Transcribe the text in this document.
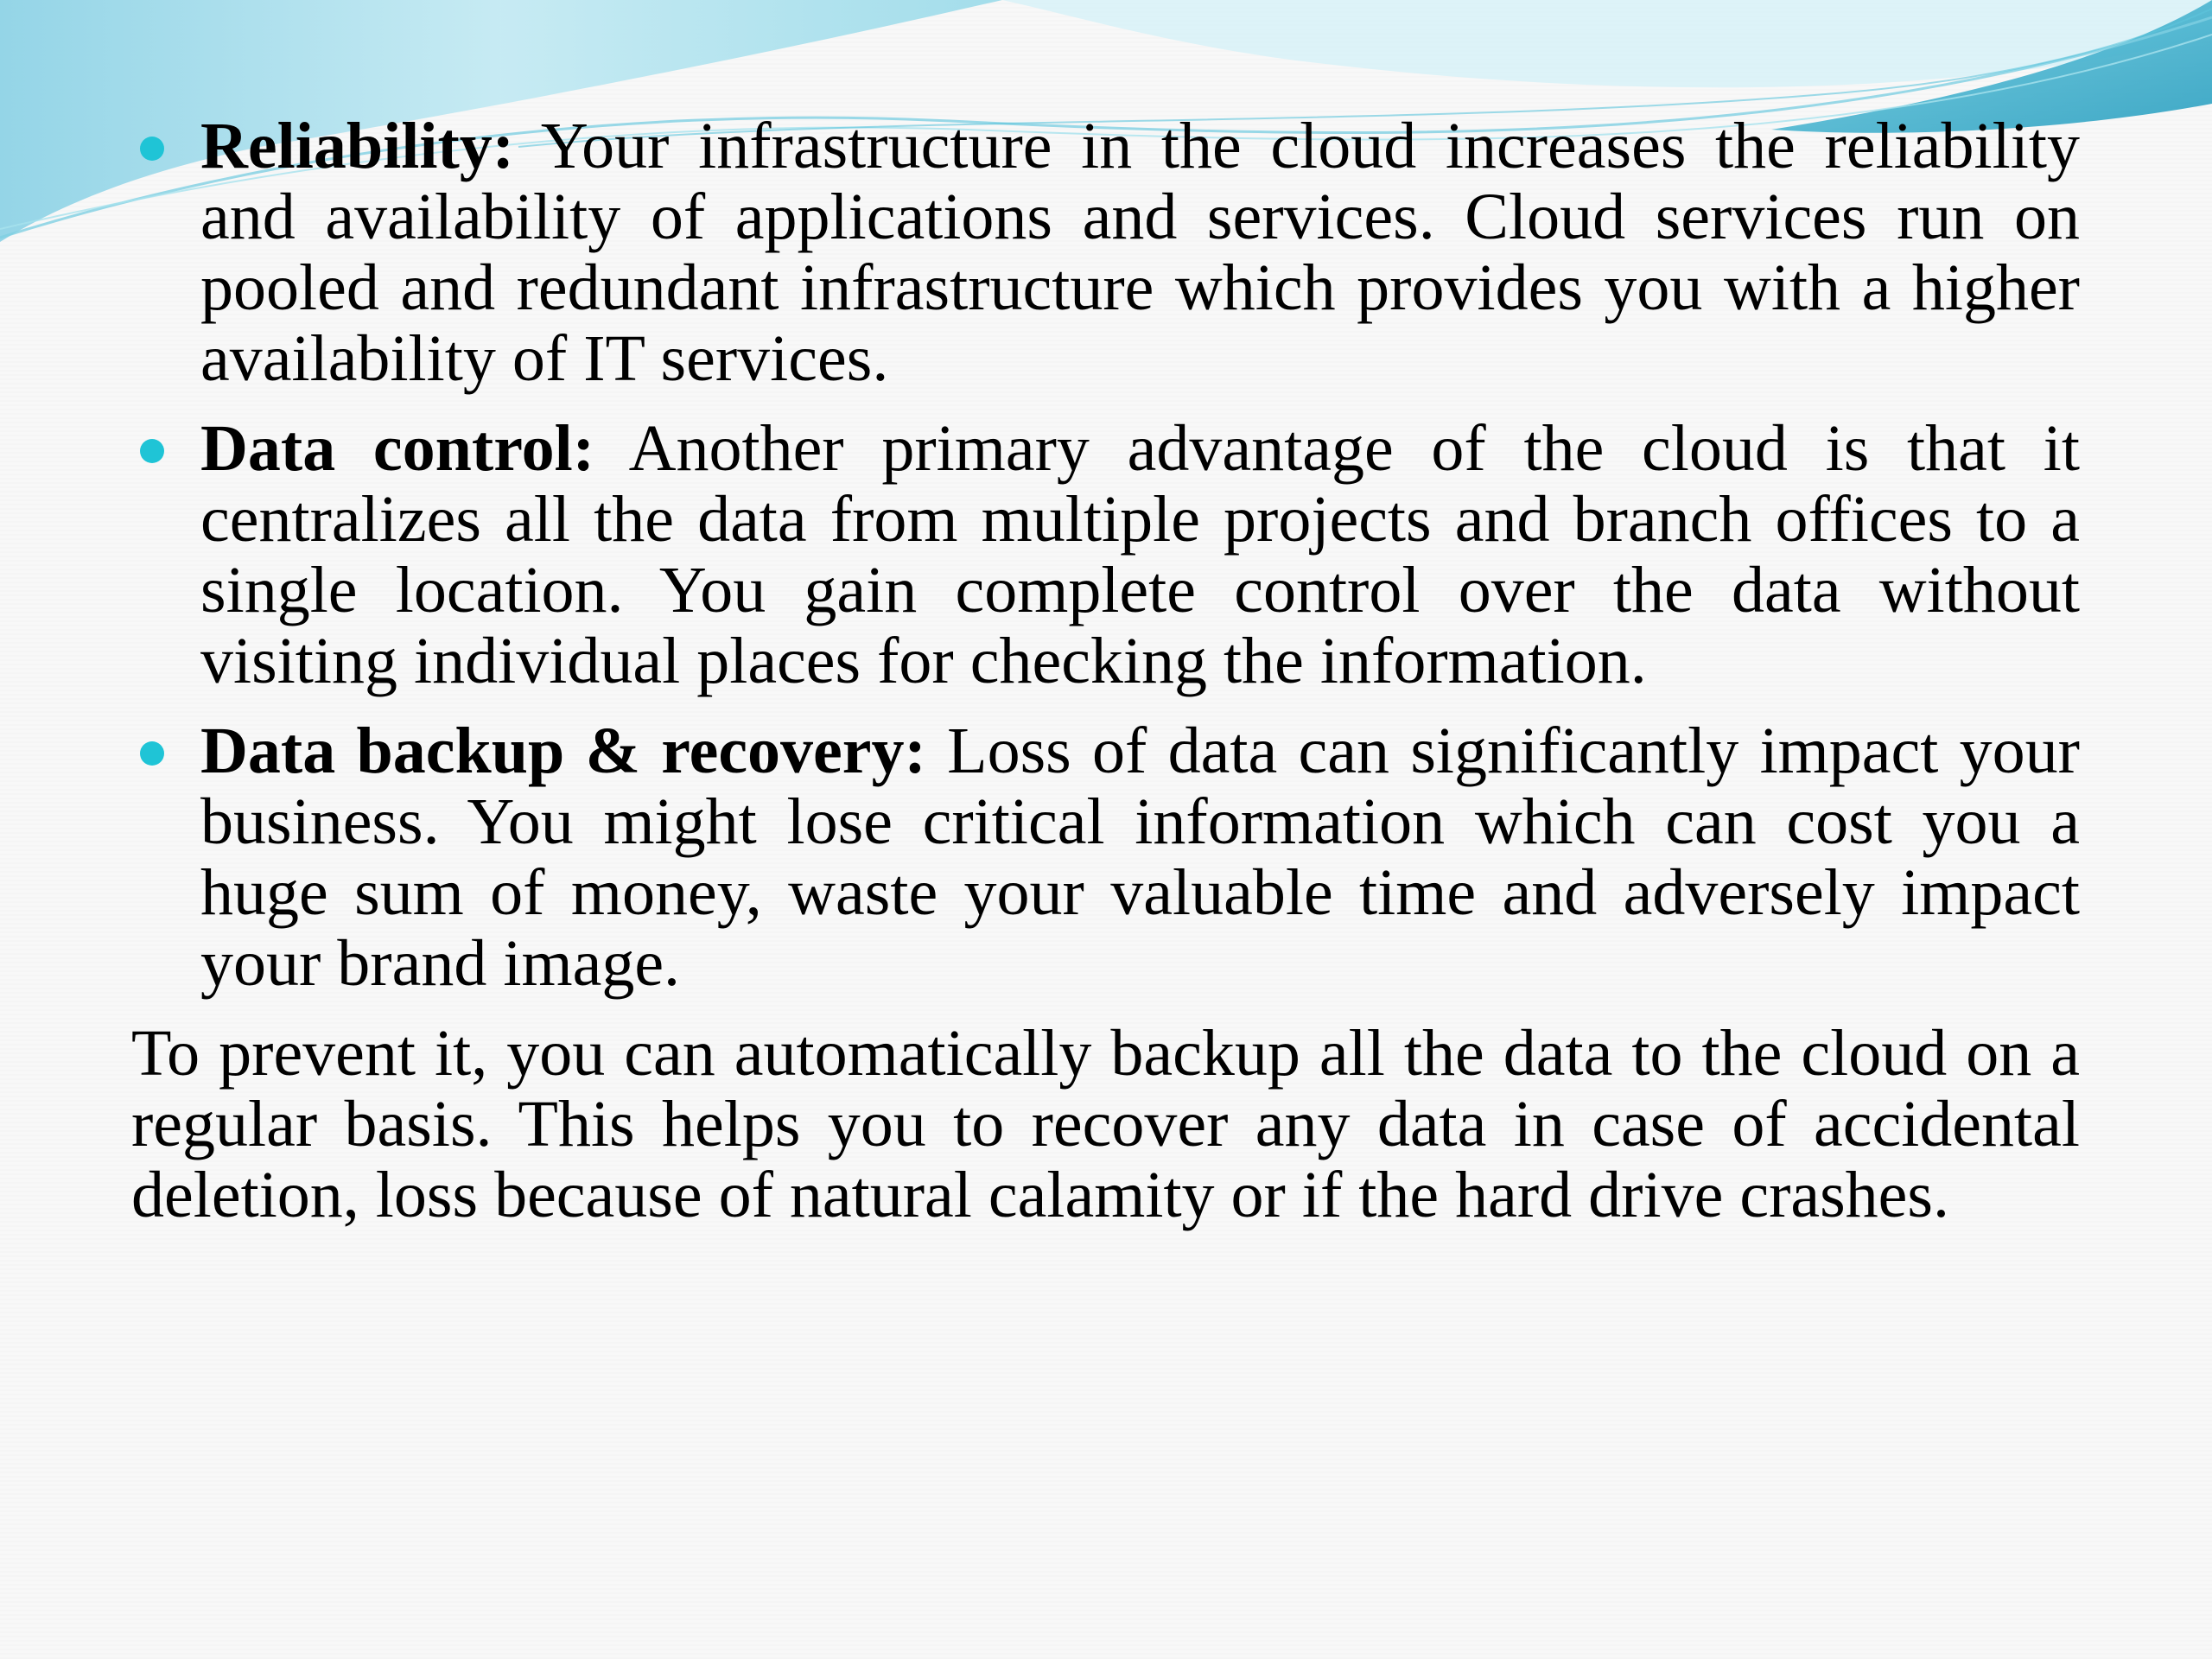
Reliability: Your infrastructure in the cloud increases the reliability and availability of applications and services. Cloud services run on pooled and redundant infrastructure which provides you with a higher availability of IT services.
Data control: Another primary advantage of the cloud is that it centralizes all the data from multiple projects and branch offices to a single location. You gain complete control over the data without visiting individual places for checking the information.
Data backup & recovery: Loss of data can significantly impact your business. You might lose critical information which can cost you a huge sum of money, waste your valuable time and adversely impact your brand image.

To prevent it, you can automatically backup all the data to the cloud on a regular basis. This helps you to recover any data in case of accidental deletion, loss because of natural calamity or if the hard drive crashes.
